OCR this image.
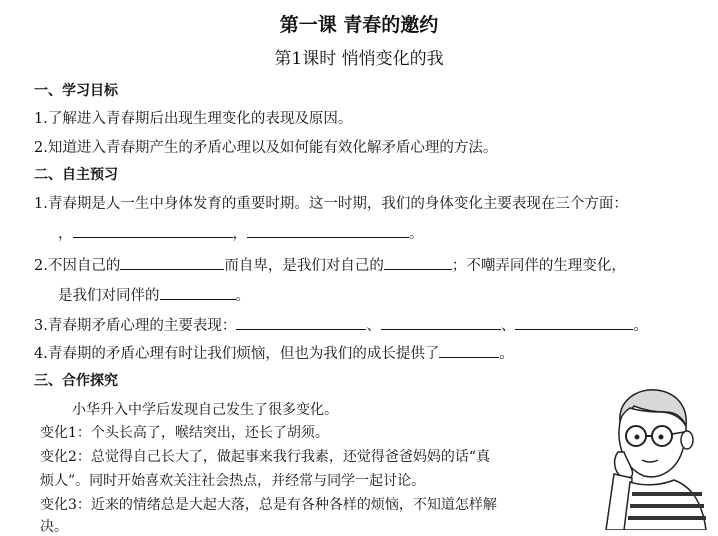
第一课 青春的邀约
第1课时 悄悄变化的我
一、学习目标
1.了解进入青春期后出现生理变化的表现及原因。
2.知道进入青春期产生的矛盾心理以及如何能有效化解矛盾心理的方法。
二、自主预习
1.青春期是人一生中身体发育的重要时期。这一时期，我们的身体变化主要表现在三个方面：
，	，	。
2.不因自己的	而自卑，是我们对自己的	；不嘲弄同伴的生理变化，
是我们对同伴的	。
3.青春期矛盾心理的主要表现：	、	、	。
4.青春期的矛盾心理有时让我们烦恼，但也为我们的成长提供了	。
三、合作探究
小华升入中学后发现自己发生了很多变化。
变化1：个头长高了，喉结突出，还长了胡须。
变化2：总觉得自己长大了，做起事来我行我素，还觉得爸爸妈妈的话“真
烦人”。同时开始喜欢关注社会热点，并经常与同学一起讨论。
变化3：近来的情绪总是大起大落，总是有各种各样的烦恼，不知道怎样解
决。
